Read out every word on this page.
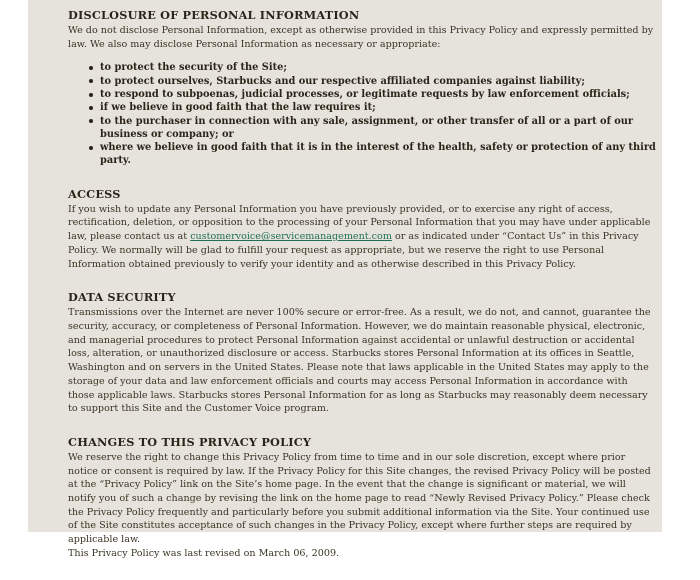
DISCLOSURE OF PERSONAL INFORMATION

We do not disclose Personal Information, except as otherwise provided in this Privacy Policy and expressly permitted by law. We also may disclose Personal Information as necessary or appropriate:

to protect the security of the Site;
to protect ourselves, Starbucks and our respective affiliated companies against liability;
to respond to subpoenas, judicial processes, or legitimate requests by law enforcement officials;
if we believe in good faith that the law requires it;
to the purchaser in connection with any sale, assignment, or other transfer of all or a part of our business or company; or
where we believe in good faith that it is in the interest of the health, safety or protection of any third party.
ACCESS

If you wish to update any Personal Information you have previously provided, or to exercise any right of access, rectification, deletion, or opposition to the processing of your Personal Information that you may have under applicable law, please contact us at customervoice@servicemanagement.com or as indicated under “Contact Us” in this Privacy Policy. We normally will be glad to fulfill your request as appropriate, but we reserve the right to use Personal Information obtained previously to verify your identity and as otherwise described in this Privacy Policy.

DATA SECURITY

Transmissions over the Internet are never 100% secure or error-free. As a result, we do not, and cannot, guarantee the security, accuracy, or completeness of Personal Information. However, we do maintain reasonable physical, electronic, and managerial procedures to protect Personal Information against accidental or unlawful destruction or accidental loss, alteration, or unauthorized disclosure or access. Starbucks stores Personal Information at its offices in Seattle, Washington and on servers in the United States. Please note that laws applicable in the United States may apply to the storage of your data and law enforcement officials and courts may access Personal Information in accordance with those applicable laws. Starbucks stores Personal Information for as long as Starbucks may reasonably deem necessary to support this Site and the Customer Voice program.

CHANGES TO THIS PRIVACY POLICY

We reserve the right to change this Privacy Policy from time to time and in our sole discretion, except where prior notice or consent is required by law. If the Privacy Policy for this Site changes, the revised Privacy Policy will be posted at the “Privacy Policy” link on the Site’s home page. In the event that the change is significant or material, we will notify you of such a change by revising the link on the home page to read “Newly Revised Privacy Policy.” Please check the Privacy Policy frequently and particularly before you submit additional information via the Site. Your continued use of the Site constitutes acceptance of such changes in the Privacy Policy, except where further steps are required by applicable law.

This Privacy Policy was last revised on March 06, 2009.
